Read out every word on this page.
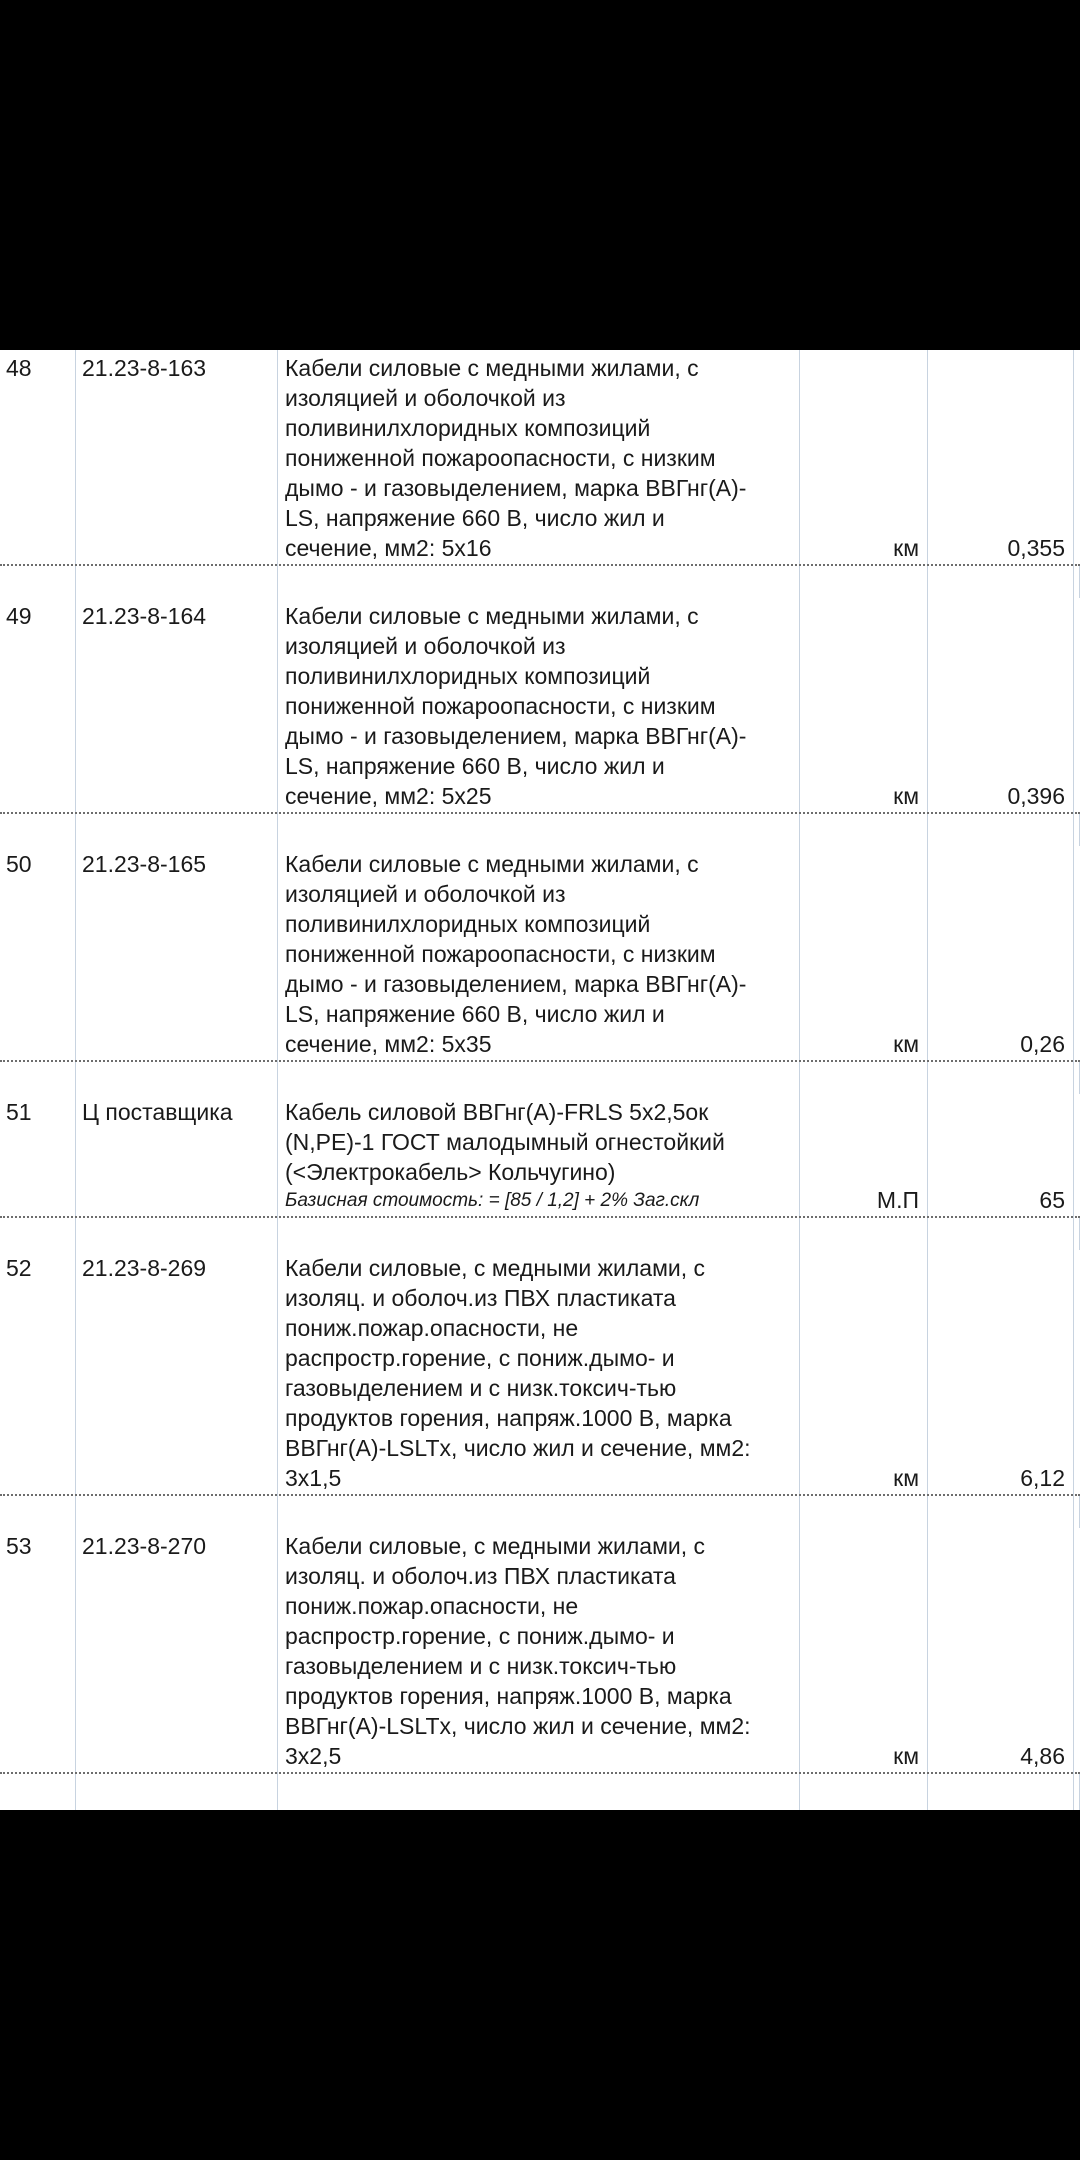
48	21.23-8-163	Кабели силовые с медными жилами, с
изоляцией и оболочкой из
поливинилхлоридных композиций
пониженной пожароопасности, с низким
дымо - и газовыделением, марка ВВГнг(А)-
LS, напряжение 660 В, число жил и
сечение, мм2: 5х16	км	0,355
49	21.23-8-164	Кабели силовые с медными жилами, с
изоляцией и оболочкой из
поливинилхлоридных композиций
пониженной пожароопасности, с низким
дымо - и газовыделением, марка ВВГнг(А)-
LS, напряжение 660 В, число жил и
сечение, мм2: 5х25	км	0,396
50	21.23-8-165	Кабели силовые с медными жилами, с
изоляцией и оболочкой из
поливинилхлоридных композиций
пониженной пожароопасности, с низким
дымо - и газовыделением, марка ВВГнг(А)-
LS, напряжение 660 В, число жил и
сечение, мм2: 5х35	км	0,26
51	Ц поставщика	Кабель силовой ВВГнг(А)-FRLS 5х2,5ок
(N,PE)-1 ГОСТ малодымный огнестойкий
(<Электрокабель> Кольчугино)
Базисная стоимость: = [85 / 1,2] + 2% Заг.скл	М.П	65
52	21.23-8-269	Кабели силовые, с медными жилами, с
изоляц. и оболоч.из ПВХ пластиката
пониж.пожар.опасности, не
распростр.горение, с пониж.дымо- и
газовыделением и с низк.токсич-тью
продуктов горения, напряж.1000 В, марка
ВВГнг(А)-LSLTx, число жил и сечение, мм2:
3х1,5	км	6,12
53	21.23-8-270	Кабели силовые, с медными жилами, с
изоляц. и оболоч.из ПВХ пластиката
пониж.пожар.опасности, не
распростр.горение, с пониж.дымо- и
газовыделением и с низк.токсич-тью
продуктов горения, напряж.1000 В, марка
ВВГнг(А)-LSLTx, число жил и сечение, мм2:
3х2,5	км	4,86
